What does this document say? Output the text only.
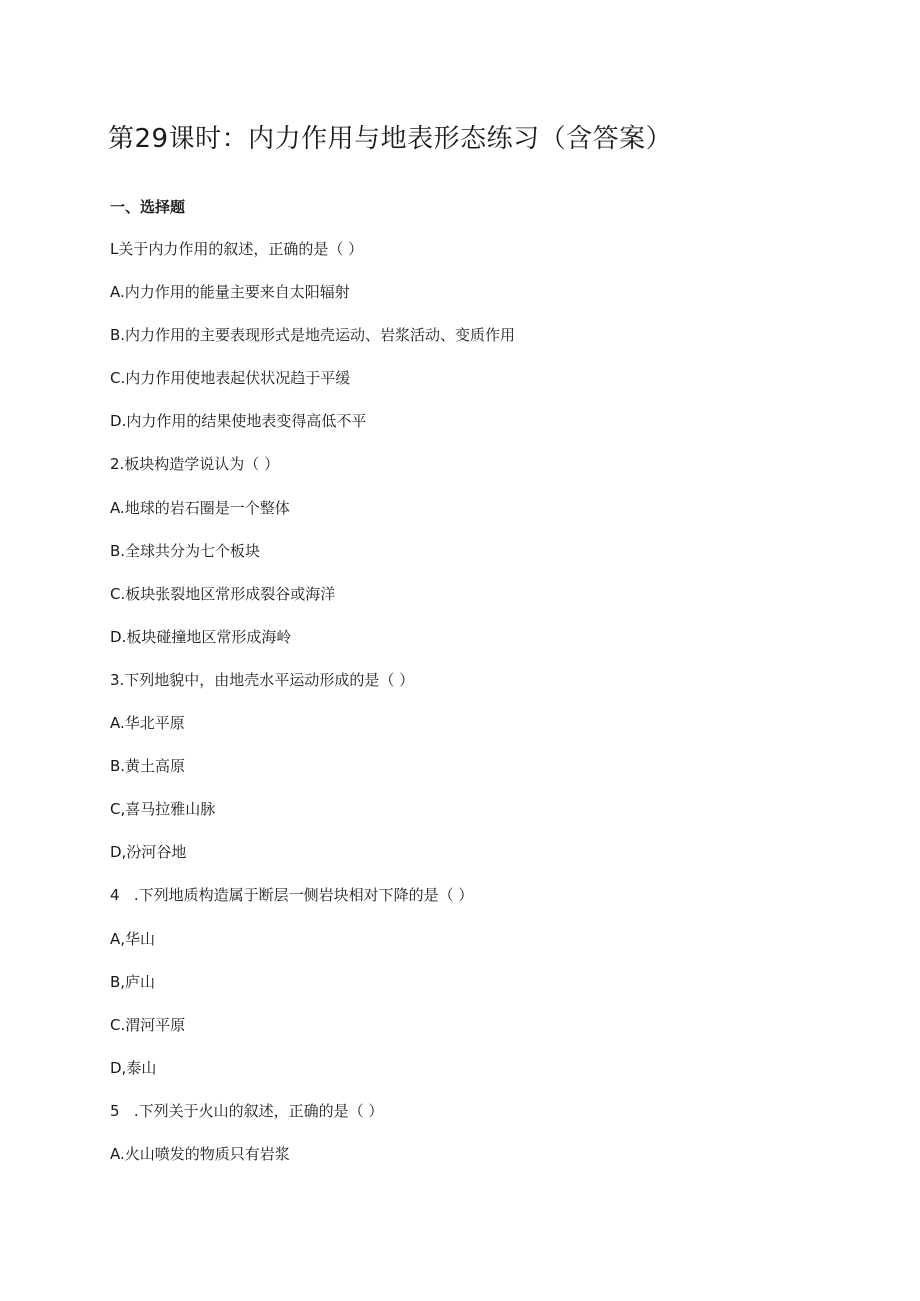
第29课时：内力作用与地表形态练习（含答案）
一、选择题
L关于内力作用的叙述，正确的是（ ）
A.内力作用的能量主要来自太阳辐射
B.内力作用的主要表现形式是地壳运动、岩浆活动、变质作用
C.内力作用使地表起伏状况趋于平缓
D.内力作用的结果使地表变得高低不平
2.板块构造学说认为（ ）
A.地球的岩石圈是一个整体
B.全球共分为七个板块
C.板块张裂地区常形成裂谷或海洋
D.板块碰撞地区常形成海岭
3.下列地貌中，由地壳水平运动形成的是（ ）
A.华北平原
B.黄土高原
C,喜马拉雅山脉
D,汾河谷地
4   .下列地质构造属于断层一侧岩块相对下降的是（ ）
A,华山
B,庐山
C.渭河平原
D,泰山
5   .下列关于火山的叙述，正确的是（ ）
A.火山喷发的物质只有岩浆
